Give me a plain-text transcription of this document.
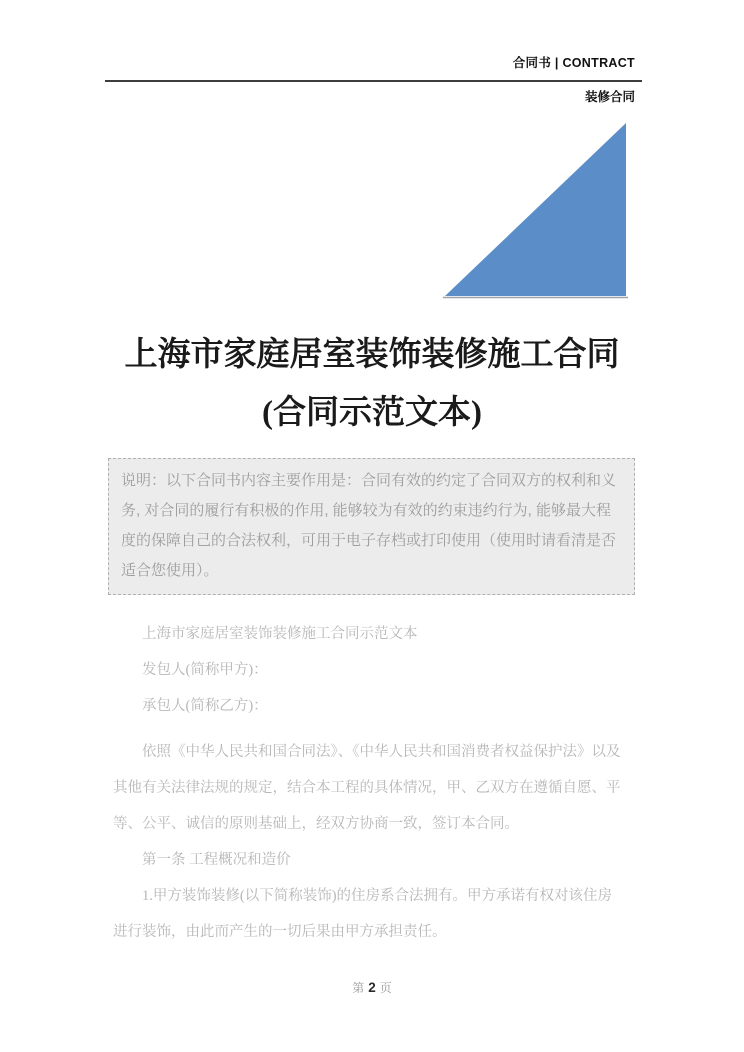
合同书 | CONTRACT
装修合同
上海市家庭居室装饰装修施工合同
(合同示范文本)
说明：以下合同书内容主要作用是：合同有效的约定了合同双方的权利和义
务, 对合同的履行有积极的作用, 能够较为有效的约束违约行为, 能够最大程
度的保障自己的合法权利，可用于电子存档或打印使用（使用时请看清是否
适合您使用）。
上海市家庭居室装饰装修施工合同示范文本
发包人(简称甲方)：
承包人(简称乙方)：
依照《中华人民共和国合同法》、《中华人民共和国消费者权益保护法》以及
其他有关法律法规的规定，结合本工程的具体情况，甲、乙双方在遵循自愿、平
等、公平、诚信的原则基础上，经双方协商一致，签订本合同。
第一条 工程概况和造价
1.甲方装饰装修(以下简称装饰)的住房系合法拥有。甲方承诺有权对该住房
进行装饰，由此而产生的一切后果由甲方承担责任。
第 2 页
